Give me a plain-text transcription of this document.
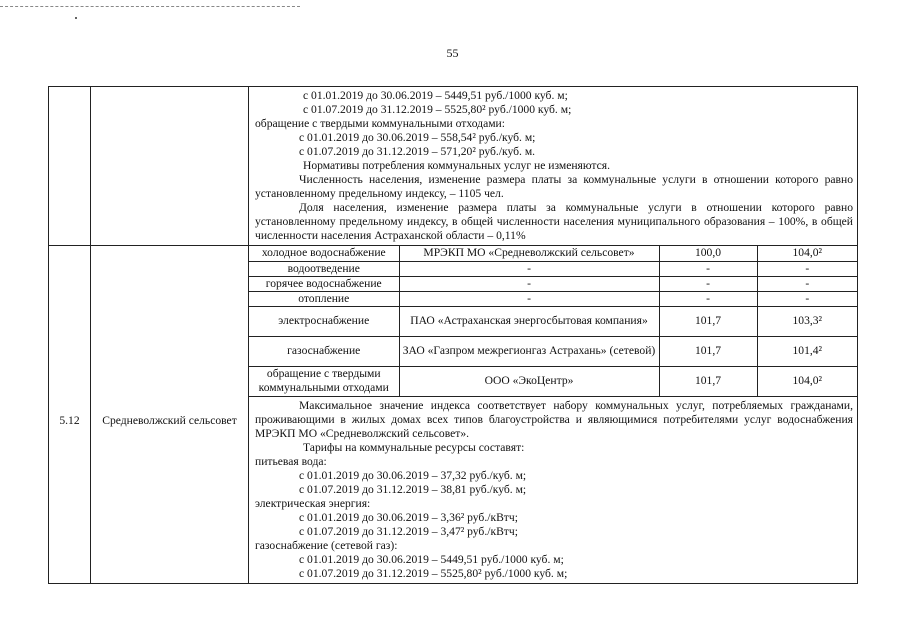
55

с 01.01.2019 до 30.06.2019 – 5449,51 руб./1000 куб. м;

с 01.07.2019 до 31.12.2019 – 5525,80² руб./1000 куб. м;

обращение с твердыми коммунальными отходами:

с 01.01.2019 до 30.06.2019 – 558,54² руб./куб. м;

с 01.07.2019 до 31.12.2019 – 571,20² руб./куб. м.

Нормативы потребления коммунальных услуг не изменяются.

Численность населения, изменение размера платы за коммунальные услуги в отношении которого равно установленному предельному индексу, – 1105 чел.

Доля населения, изменение размера платы за коммунальные услуги в отношении которого равно установленному предельному индексу, в общей численности населения муниципального образования – 100%, в общей численности населения Астраханской области – 0,11%

5.12	Средневолжский сельсовет	
холодное водоснабжение	МРЭКП МО «Средневолжский сельсовет»	100,0	104,0²
водоотведение	-	-	-
горячее водоснабжение	-	-	-
отопление	-	-	-
электроснабжение	ПАО «Астраханская энергосбытовая компания»	101,7	103,3²
газоснабжение	ЗАО «Газпром межрегионгаз Астрахань» (сетевой)	101,7	101,4²
обращение с твердыми коммунальными отходами	ООО «ЭкоЦентр»	101,7	104,0²

Максимальное значение индекса соответствует набору коммунальных услуг, потребляемых гражданами, проживающими в жилых домах всех типов благоустройства и являющимися потребителями услуг водоснабжения МРЭКП МО «Средневолжский сельсовет».

Тарифы на коммунальные ресурсы составят:

питьевая вода:

с 01.01.2019 до 30.06.2019 – 37,32 руб./куб. м;

с 01.07.2019 до 31.12.2019 – 38,81 руб./куб. м;

электрическая энергия:

с 01.01.2019 до 30.06.2019 – 3,36² руб./кВтч;

с 01.07.2019 до 31.12.2019 – 3,47² руб./кВтч;

газоснабжение (сетевой газ):

с 01.01.2019 до 30.06.2019 – 5449,51 руб./1000 куб. м;

с 01.07.2019 до 31.12.2019 – 5525,80² руб./1000 куб. м;
